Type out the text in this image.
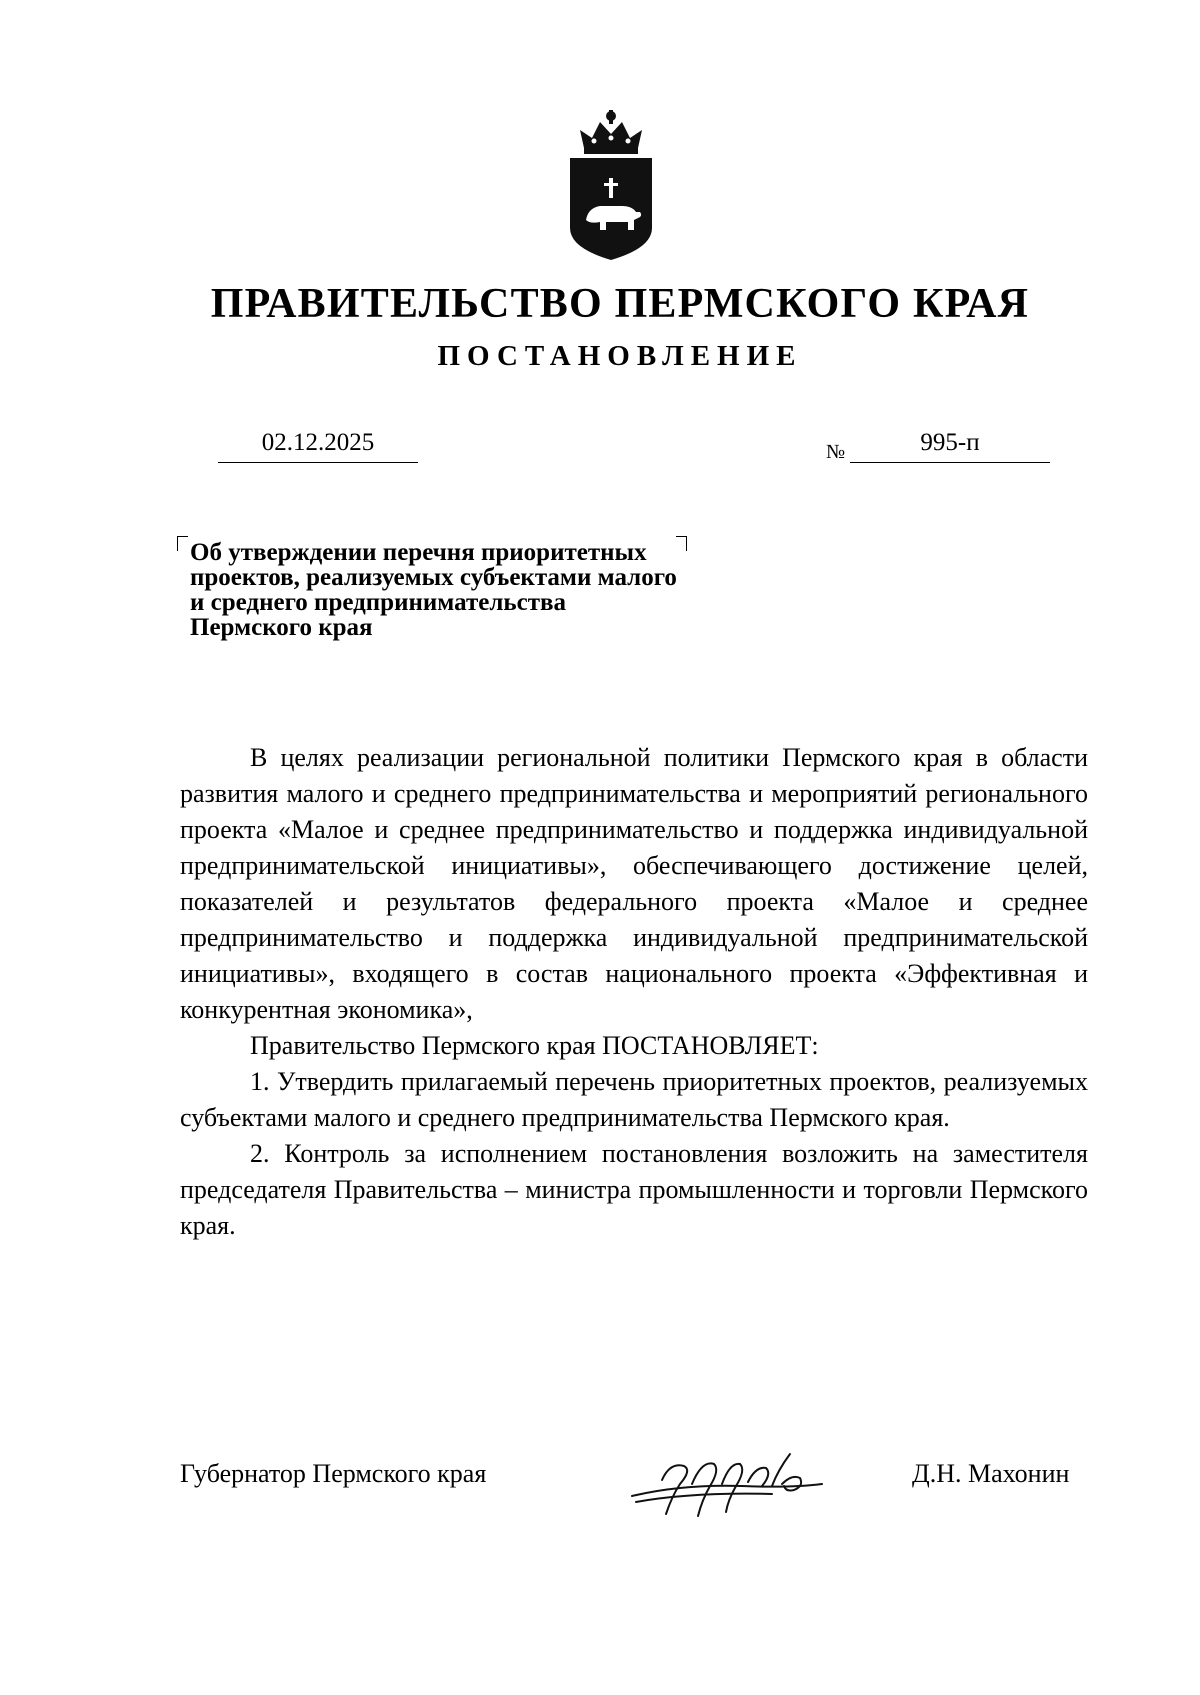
ПРАВИТЕЛЬСТВО ПЕРМСКОГО КРАЯ
ПОСТАНОВЛЕНИЕ
02.12.2025	№	995-п
Об утверждении перечня приоритетных
проектов, реализуемых субъектами малого
и среднего предпринимательства
Пермского края

В целях реализации региональной политики Пермского края в области развития малого и среднего предпринимательства и мероприятий регионального проекта «Малое и среднее предпринимательство и поддержка индивидуальной предпринимательской инициативы», обеспечивающего достижение целей, показателей и результатов федерального проекта «Малое и среднее предпринимательство и поддержка индивидуальной предпринимательской инициативы», входящего в состав национального проекта «Эффективная и конкурентная экономика»,

Правительство Пермского края ПОСТАНОВЛЯЕТ:

1. Утвердить прилагаемый перечень приоритетных проектов, реализуемых субъектами малого и среднего предпринимательства Пермского края.

2. Контроль за исполнением постановления возложить на заместителя председателя Правительства – министра промышленности и торговли Пермского края.

Губернатор Пермского края	Д.Н. Махонин
